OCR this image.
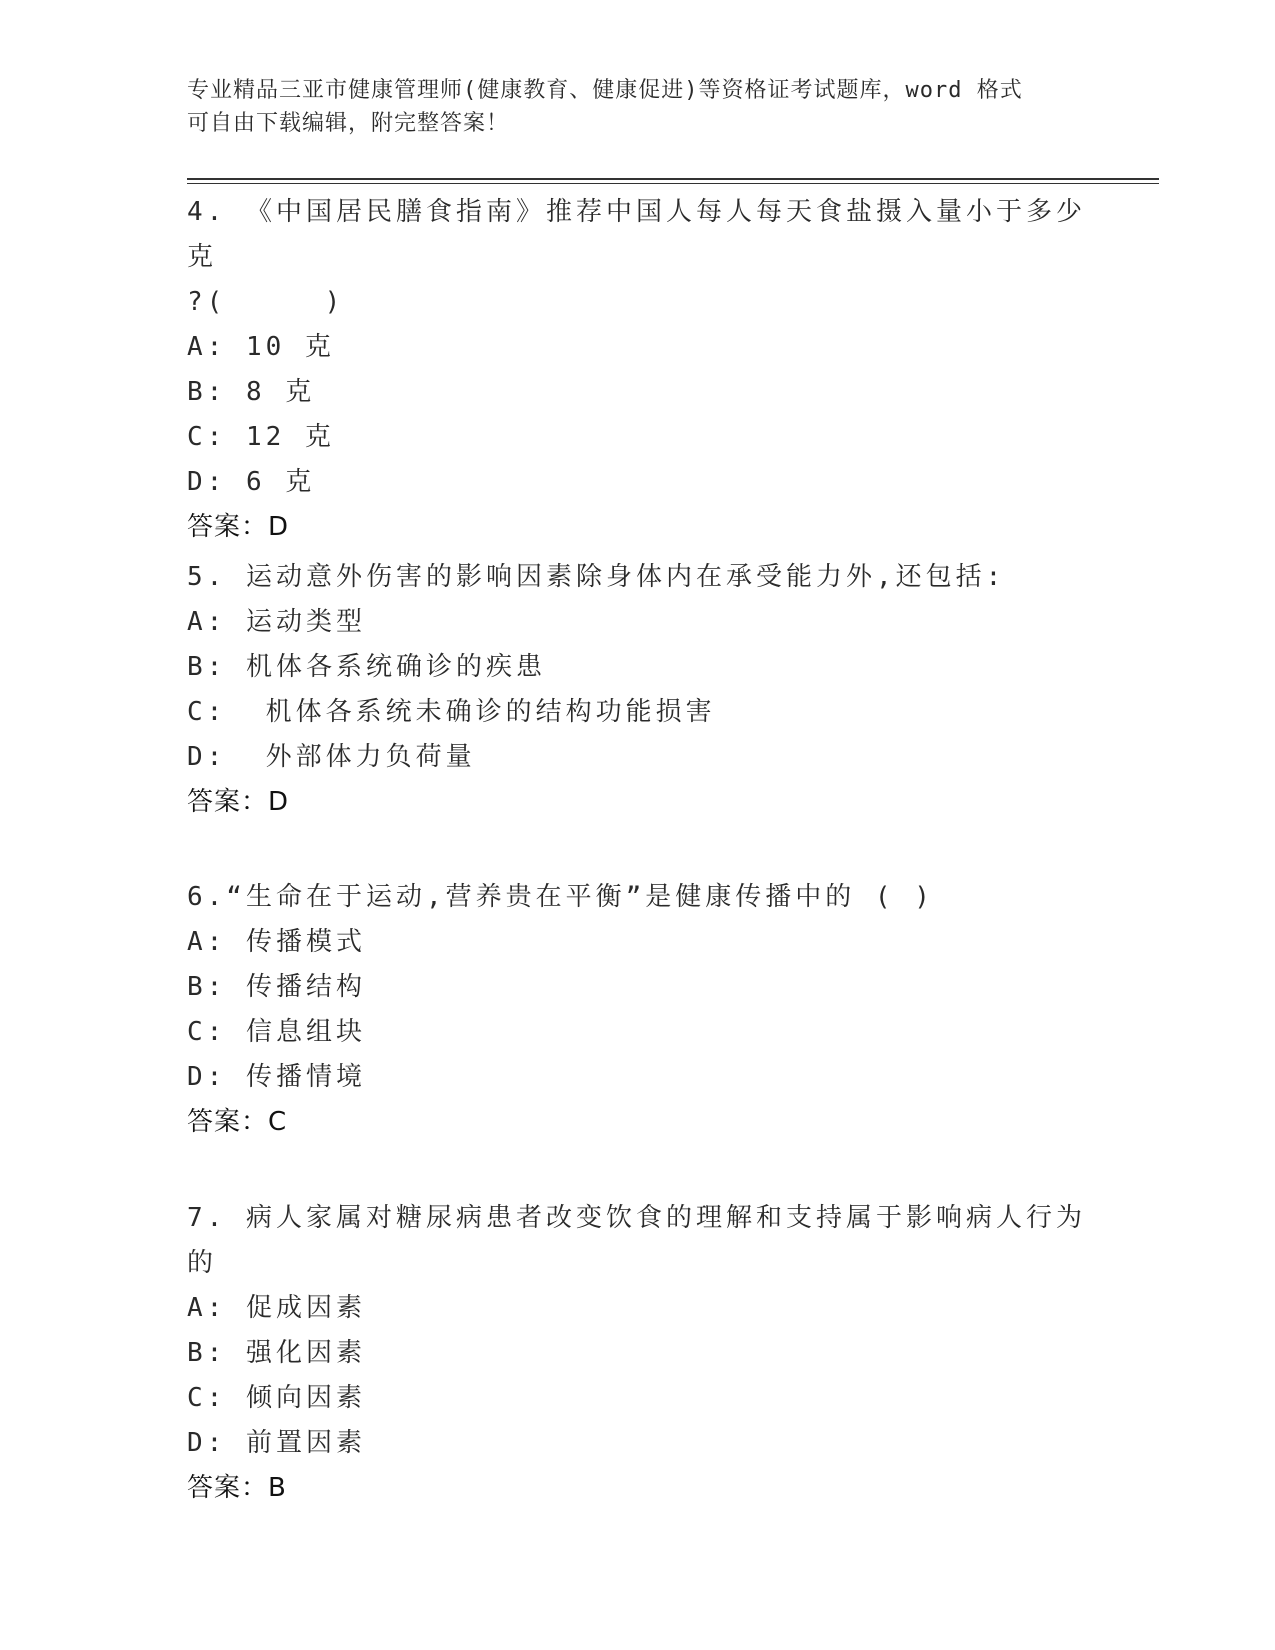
专业精品三亚市健康管理师(健康教育、健康促进)等资格证考试题库，word 格式
可自由下载编辑，附完整答案！
4. 《中国居民膳食指南》推荐中国人每人每天食盐摄入量小于多少克
?(     )
A: 10 克
B: 8 克
C: 12 克
D: 6 克
答案：D
5. 运动意外伤害的影响因素除身体内在承受能力外,还包括:
A: 运动类型
B: 机体各系统确诊的疾患
C:  机体各系统未确诊的结构功能损害
D:  外部体力负荷量
答案：D
6.“生命在于运动,营养贵在平衡”是健康传播中的 ( )
A: 传播模式
B: 传播结构
C: 信息组块
D: 传播情境
答案：C
7. 病人家属对糖尿病患者改变饮食的理解和支持属于影响病人行为的
A: 促成因素
B: 强化因素
C: 倾向因素
D: 前置因素
答案：B
